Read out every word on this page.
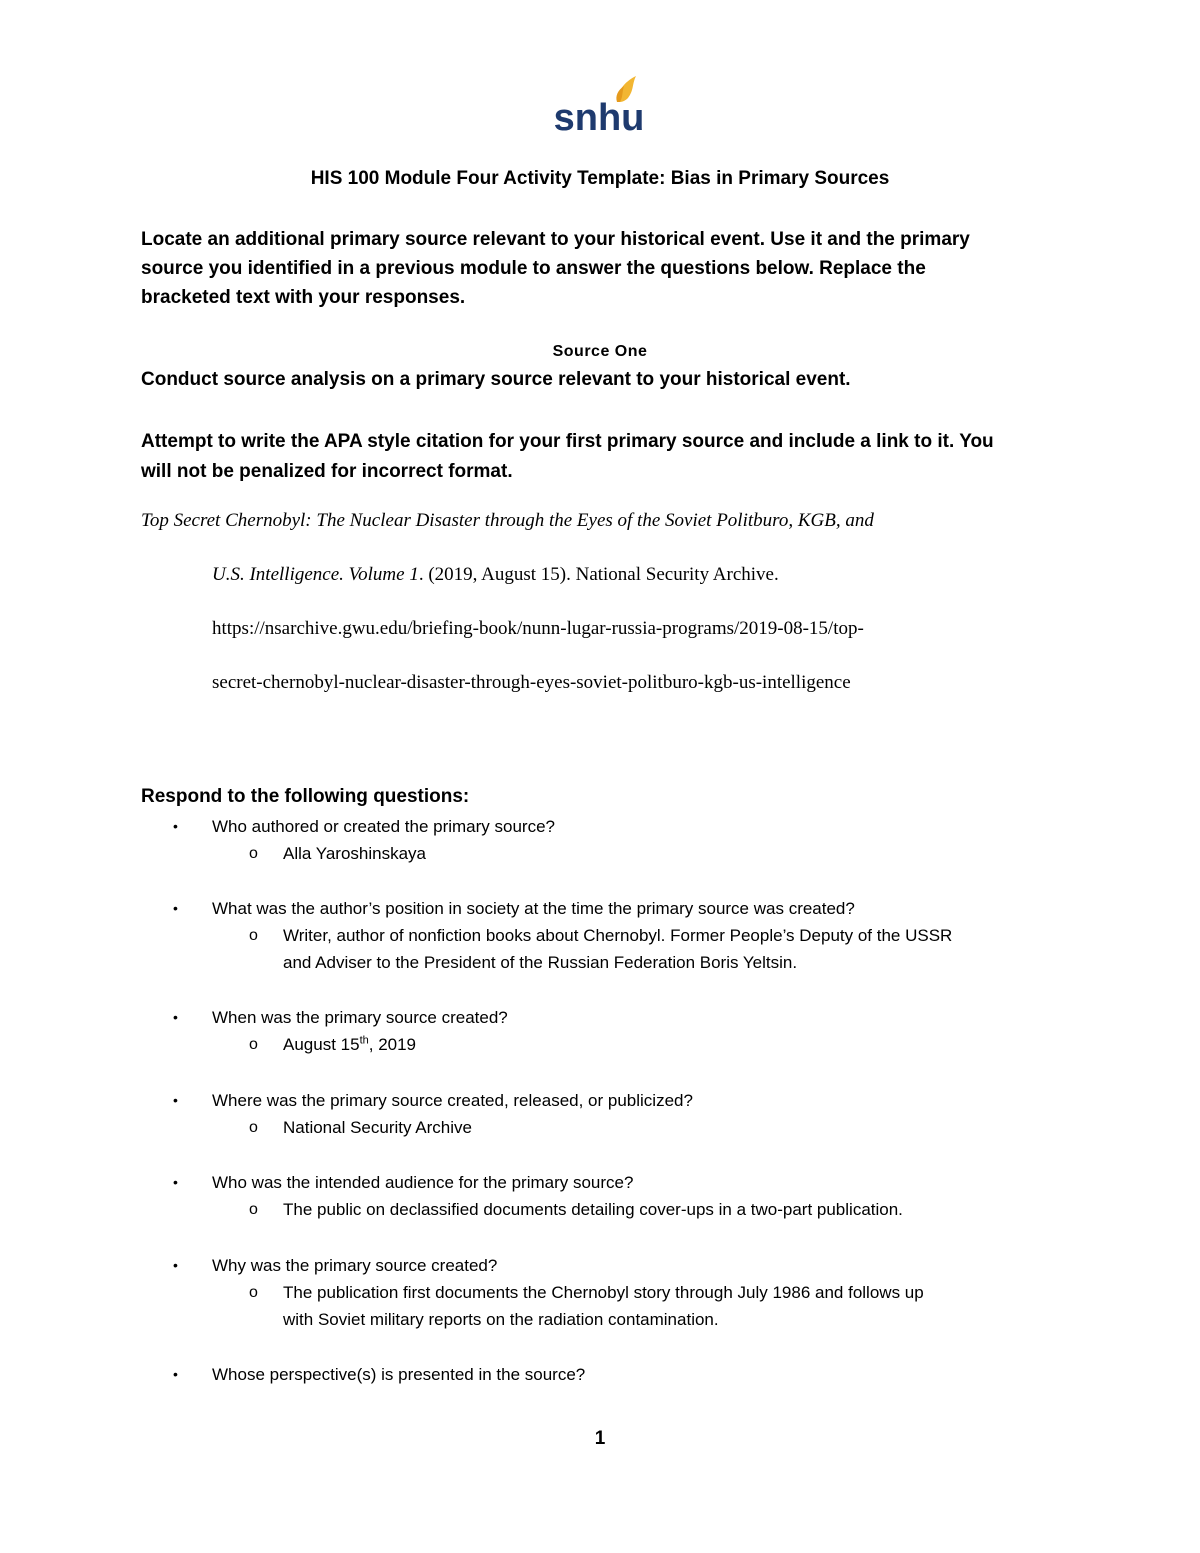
snhu
HIS 100 Module Four Activity Template: Bias in Primary Sources
Locate an additional primary source relevant to your historical event. Use it and the primary
source you identified in a previous module to answer the questions below. Replace the
bracketed text with your responses.
Source One
Conduct source analysis on a primary source relevant to your historical event.
Attempt to write the APA style citation for your first primary source and include a link to it. You
will not be penalized for incorrect format.
Top Secret Chernobyl: The Nuclear Disaster through the Eyes of the Soviet Politburo, KGB, and
U.S. Intelligence. Volume 1. (2019, August 15). National Security Archive.
https://nsarchive.gwu.edu/briefing-book/nunn-lugar-russia-programs/2019-08-15/top-
secret-chernobyl-nuclear-disaster-through-eyes-soviet-politburo-kgb-us-intelligence
Respond to the following questions:
• Who authored or created the primary source?
o Alla Yaroshinskaya
• What was the author’s position in society at the time the primary source was created?
o Writer, author of nonfiction books about Chernobyl. Former People’s Deputy of the USSR
and Adviser to the President of the Russian Federation Boris Yeltsin.
• When was the primary source created?
o August 15th, 2019
• Where was the primary source created, released, or publicized?
o National Security Archive
• Who was the intended audience for the primary source?
o The public on declassified documents detailing cover-ups in a two-part publication.
• Why was the primary source created?
o The publication first documents the Chernobyl story through July 1986 and follows up
with Soviet military reports on the radiation contamination.
• Whose perspective(s) is presented in the source?
1
